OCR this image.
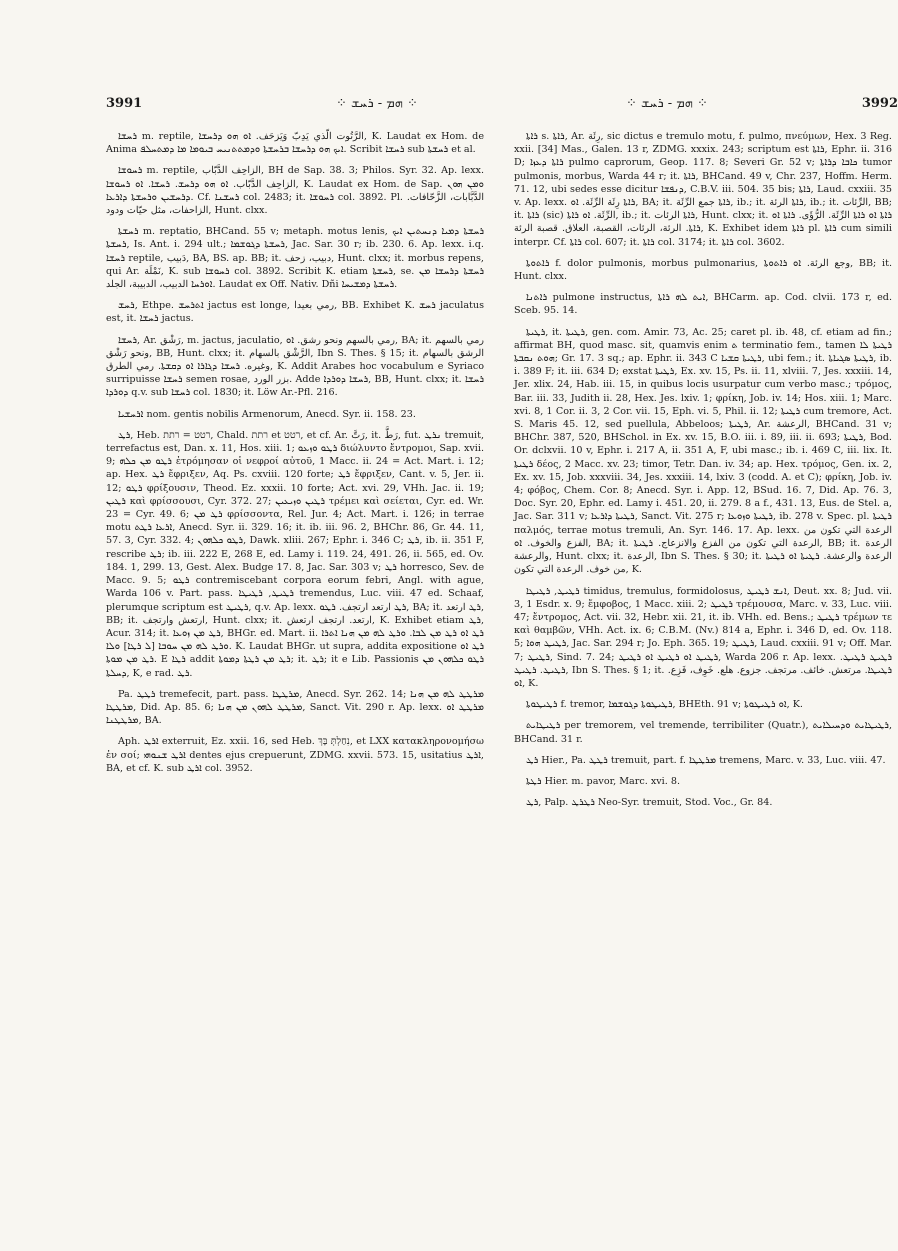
3991	⁘ ܗܡ - ܪܚܫ ⁘	⁘ ܗܡ - ܪܚܫ ⁘	3992

ܪܚܫܐ m. reptile, الرَّتُوت الّذي يَدِبّ وَيَزحَف. ܐܘ ܗܘ ܕܪܚܫܐ, K. Laudat ex Hom. de Anima ܐܝܟ ܗܘ ܕܪܚܫܐ ܒܪܚܫܬܐ ܘܕܡܬܬܢܝܚ ܒܝܘܡܐ ܡܐ ܕܡܬܚܠܦ. Scribit ܪܚܫܐ sub ܪܚܫܬܐ et al.

ܪܚܘܫܐ m. reptile, الزاحِف الدَّبّاب, BH de Sap. 38. 3; Philos. Syr. 32. Ap. lexx. الزاحِف الدَّبّاب. ܐܘ ܗܘ ܕܪܚܫ. ܪܚܫܐ. ܐܘ ܪܚܘܫܐ, K. Laudat ex Hom. de Sap. ܘܡܢ ܗܘܢ ܕܪܚܫܝܢ ܘܪܚܫܬܐ ܕܐܪܥܐ. Cf. ܪܚܫܢܐ col. 2483; it. ܪܚܘܫܐ col. 3892. Pl. الدَّبَّابات، الزَّحّافات. الزاحفات، مثل حيّات ودود, Hunt. clxx.

ܪܚܫܬܐ m. reptatio, BHCand. 55 v; metaph. motus lenis, ܪܚܫܬܐ ܕܡܝܐ ܕܢܚܬܝܢ ܐܝܟ ܪܚܫܬܐ, Is. Ant. i. 294 ult.; ܪܚܫܬܐ ܕܓܘܫܡܐ, Jac. Sar. 30 r; ib. 230. 6. Ap. lexx. i.q. ܪܚܫܐ reptile, دَبيب, BA, BS. ap. BB; it. دبيب، زحف, Hunt. clxx; it. morbus repens, qui Ar. نَمْلَة, K. sub ܪܚܘܫܐ col. 3892. Scribit K. etiam ܪܚܫܬܐ, se. ܪܚܫܬܐ ܕܪܚܫܐ ܡܢ ܐܘܪܚܐ الدبيب، الدبيبة، الجلد. Laudat ex Off. Nativ. Dñi ܪܚܫܬܐ ܕܡܫܝܚܐ.

ܪܚܫ, Ethpe. ܐܬܪܚܫ jactus est longe, رمي بعيدا, BB. Exhibet K. ܪܚܫ jaculatus est, it. ܪܚܫܐ jactus.

ܪܚܫܐ, Ar. رَشْق, m. jactus, jaculatio, رمي بالسهم ونحو رشق. ܐܘ, BA; it. رمي بالسهم ونحو رَشْق, BB, Hunt. clxx; it. الرَّشْق بالسهام, Ibn S. Thes. § 15; it. الرشق بالسهام وغيره. ܪܚܫܐ ܕܓܐܪܐ ܐܘ ܕܩܫܬܐ. رمي الطرق, K. Addit Arabes hoc vocabulum e Syriaco surripuisse ܪܚܫܐ semen rosae, بزر الورد. Adde ܪܚܫܐ ܕܘܪܕܐ, BB, Hunt. clxx; it. ܪܚܫܐ ܕܘܪܕܐ q.v. sub ܪܚܫܐ col. 1830; it. Löw Ar.-Pfl. 216.

ܐܪܚܫܝܐ nom. gentis nobilis Armenorum, Anecd. Syr. ii. 158. 23.

ܪܛ, Heb. רטט = רתת, Chald. רתת et רטט, et cf. Ar. رَتَّ, it. رَطَّ, fut. ܢܪܛ tremuit, terrefactus est, Dan. x. 11, Hos. xiii. 1; ܪܛܘ ܘܙܥܘ διώλυντο ἔντρομοι, Sap. xvii. 9; ܪܛܘ ܡܢ ܟܠܗ ἐτρόμησαν οἱ νεφροί αὐτοῦ, 1 Macc. ii. 24 = Act. Mart. i. 12; ap. Hex. ܪܛ ἔφριξεν, Aq. Ps. cxviii. 120 forte; ܪܛ ἔφριξεν, Cant. v. 5, Jer. ii. 12; ܪܛܘ φρίξουσιν, Theod. Ez. xxxii. 10 forte; Act. xvi. 29, VHh. Jac. ii. 19; ܪܛܝܢ καὶ φρίσσουσι, Cyr. 372. 27; ܪܛܝܢ ܘܙܝܥܝܢ τρέμει καὶ σείεται, Cyr. ed. Wr. 23 = Cyr. 49. 6; ܪܛ ܡܢ φρίσσοντα, Rel. Jur. 4; Act. Mart. i. 126; in terrae motu ܐܪܥܐ ܪܛܬ, Anecd. Syr. ii. 329. 16; it. ib. iii. 96. 2, BHChr. 86, Gr. 44. 11, 57. 3, Cyr. 332. 4; ܪܛܘ ܟܠܗܘܢ, Dawk. xliii. 267; Ephr. i. 346 C; ܪܛ, ib. ii. 351 F, rescribe ܪܛ; ib. iii. 222 E, 268 E, ed. Lamy i. 119. 24, 491. 26, ii. 565, ed. Ov. 184. 1, 299. 13, Gest. Alex. Budge 17. 8, Jac. Sar. 303 v; ܪܛ horresco, Sev. de Macc. 9. 5; ܪܛܘ contremiscebant corpora eorum febri, Angl. with ague, Warda 106 v. Part. pass. ܪܛܝܛ, ܪܛܝܛܐ tremendus, Luc. viii. 47 ed. Schaaf, plerumque scriptum est ܪܛܝܛ, q.v. Ap. lexx. ܪܛ ارتعد ارتجف. ܪܛܘ, BA; it. ܪܛ ارتعد, BB; it. ارتعش وارتجف, Hunt. clxx; it. ارتعد. ارتجف ارتعش, K. Exhibet etiam ܪܛ, Acur. 314; it. ܪܛ ܡܢ ܙܘܥܐ, BHGr. ed. Mart. ii. ܪܛ ܐܘ ܪܛ ܡܢ ܠܒܐ. ܘܪܛ ܠܗ ܡܢ ܗܢܐ ܐܬܪܐ ܘܪܛ ܠܗ ܡܢ ܚܘܒܐ [ܠ ܪܛܐ] ܘܠܐ. K. Laudat BHGr. ut supra, addita expositione ܪܛ ܐܘ ܪܛ ܡܢ ܡܘܬܐ. E ܪܛܐ addit ܪܛ ܡܢ ܪܛܬܐ ܕܡܘܬܐ; it. ܪܛ; it e Lib. Passionis ܪܛܘ ܟܠܗܘܢ ܡܢ ܕܚܠܬܐ, K, e rad. ܪܛ.

Pa. ܪܛܛ tremefecit, part. pass. ܡܪܛܛܐ, Anecd. Syr. 262. 14; ܡܪܛܛ ܠܗ ܡܢ ܗܢܐ ܡܪܛܛܐ, Did. Ap. 85. 6; ܡܪܛܛ ܠܗܘܢ ܡܢ ܗܢܐ, Sanct. Vit. 290 r. Ap. lexx. ܡܪܛܛ ܐܘ ܡܪܛܛܢܐ, BA.

Aph. ܐܪܛ exterruit, Ez. xxii. 16, sed Heb. נִחַלְתְּ בָּךְ, et LXX κατακληρονομήσω ἐν σοί; ܐܪܛ ܫܢܘܗܝ dentes ejus crepuerunt, ZDMG. xxvii. 573. 15, usitatius ܐܪܛ, BA, et cf. K. sub ܐܪܛ col. 3952.

ܪܐܬܐ s. ܪܐܬܐ, Ar. رِئَة, sic dictus e tremulo motu, f. pulmo, πνεύμων, Hex. 3 Reg. xxii. [34] Mas., Galen. 13 r, ZDMG. xxxix. 243; scriptum est ܪܐܬܐ, Ephr. ii. 316 D; ܪܐܬܐ ܕܥܙܐ pulmo caprorum, Geop. 117. 8; Severi Gr. 52 v; ܟܐܒܐ ܕܪܐܬܐ tumor pulmonis, morbus, Warda 44 r; it. ܪܐܬܐ, BHCand. 49 v, Chr. 237, Hoffm. Herm. 71. 12, ubi sedes esse dicitur ܕܢܦܫܐ, C.B.V. iii. 504. 35 bis; ܪܐܬܐ, Laud. cxxiii. 35 v. Ap. lexx. ܪܐܬܐ رِئَة الرِّئَة. ܐܘ, BA; it. ܪܐܬܐ جمع الرِّئَة, ib.; it. ܪܐܬܐ الرئة, ib.; it. الرِّئات, BB; it. ܪܐܬܐ (sic) الرِّئَة. ܐܘ ܪܐܬܐ, ib.; it. ܪܐܬܐ الرئات, Hunt. clxx; it. ܪܐܬܐ ܐܘ ܪܐܬܐ الرِّئَة. الرُّؤَى. ܪܐܬܐ ܐܘ ܪܐܬܐ. الرئة، الرئات، القصبة، العلاق. قصبة الرئة, K. Exhibet idem ܪܐܬܐ pl. ܪܐܬܐ cum simili interpr. Cf. ܪܐܬܐ col. 607; it. ܪܐܬܐ col. 3174; it. ܪܐܬܐ col. 3602.

ܪܐܬܘܬܐ f. dolor pulmonis, morbus pulmonarius, وجع الرئة. ܐܘ ܪܐܬܘܬܐ, BB; it. Hunt. clxx.

ܪܐܬܢܐ pulmone instructus, ܐܝܬ ܠܗ ܪܐܬܐ, BHCarm. ap. Cod. clvii. 173 r, ed. Sceb. 95. 14.

ܪܛܝܬܐ, it. ܪܛܝܬܐ, gen. com. Amir. 73, Ac. 25; caret pl. ib. 48, cf. etiam ad fin.; affirmat BH, quod masc. sit, quamvis enim ܬ terminatio fem., tamen ܪܛܝܬܐ ܠܐ ܗܘܬ ܢܩܒܬܐ; Gr. 17. 3 sq.; ap. Ephr. ii. 343 C ܪܛܝܬܐ ܩܫܝܐ, ubi fem.; it. ܪܛܝܬܐ ܣܓܝܐܬܐ, ib. i. 389 F; it. iii. 634 D; exstat ܪܛܝܬܐ, Ex. xv. 15, Ps. ii. 11, xlviii. 7, Jes. xxxiii. 14, Jer. xlix. 24, Hab. iii. 15, in quibus locis usurpatur cum verbo masc.; τρόμος, Bar. iii. 33, Judith ii. 28, Hex. Jes. lxiv. 1; φρίκη, Job. iv. 14; Hos. xiii. 1; Marc. xvi. 8, 1 Cor. ii. 3, 2 Cor. vii. 15, Eph. vi. 5, Phil. ii. 12; ܪܛܝܬܐ cum tremore, Act. S. Maris 45. 12, sed puellula, Abbeloos; ܪܛܝܬܐ, Ar. الرعشة, BHCand. 31 v; BHChr. 387, 520, BHSchol. in Ex. xv. 15, B.O. iii. i. 89, iii. ii. 693; ܪܛܝܬܐ, Bod. Or. dclxvii. 10 v, Ephr. i. 217 A, ii. 351 A, F, ubi masc.; ib. i. 469 C, iii. lix. It. ܪܛܝܬܐ δέος, 2 Macc. xv. 23; timor, Tetr. Dan. iv. 34; ap. Hex. τρόμος, Gen. ix. 2, Ex. xv. 15, Job. xxxviii. 34, Jes. xxxiii. 14, lxiv. 3 (codd. A. et C); φρίκη, Job. iv. 4; φόβος, Chem. Cor. 8; Anecd. Syr. i. App. 12, BSud. 16. 7, Did. Ap. 76. 3, Doc. Syr. 20, Ephr. ed. Lamy i. 451. 20, ii. 279. 8 a f., 431. 13, Eus. de Stel. a, Jac. Sar. 311 v; ܪܛܝܬܐ ܕܐܪܥܐ, Sanct. Vit. 275 r; ܪܛܝܬܐ ܘܙܘܥܐ, ib. 278 v. Spec. pl. ܪܛܝܬܐ παλμός, terrae motus tremuli, An. Syr. 146. 17. Ap. lexx. الرعدة التي تكون من الفزع والخوف. ܐܘ, BA; it. الرعدة التي تكون من الفزع والانزعاج. ܪܛܝܬܐ, BB; it. الرعدة والرعشة, Hunt. clxx; it. الرعدة, Ibn S. Thes. § 30; it. الرعدة والرعشة. ܪܛܝܬܐ ܐܘ ܪܛܝܬܐ من خوف. الرعدة التي تكون, K.

ܪܛܝܛ, ܪܛܝܛܐ timidus, tremulus, formidolosus, ܐܢܫ ܪܛܝܛ, Deut. xx. 8; Jud. vii. 3, 1 Esdr. x. 9; ἔμφοβος, 1 Macc. xiii. 2; ܪܛܝܛ τρέμουσα, Marc. v. 33, Luc. viii. 47; ἔντρομος, Act. vii. 32, Hebr. xii. 21, it. ib. VHh. ed. Bens.; ܪܛܝܛ τρέμων τε καὶ θαμβῶν, VHh. Act. ix. 6; C.B.M. (Nv.) 814 a, Ephr. i. 346 D, ed. Ov. 118. 5; ܪܛܝܛ ܗܘܐ, Jac. Sar. 294 r; Jo. Eph. 365. 19; ܪܛܝܛ, Laud. cxxiii. 91 v; Off. Mar. 7; ܪܛܝܛ, Sind. 7. 24; ܪܛܝܛ ܐܘ ܪܛܝܛ ܐܘ ܪܛܝܛ, Warda 206 r. Ap. lexx. ܪܛܝܛ ܪܛܝܛ. ܪܛܝܛ. ܪܛܝܛ, Ibn S. Thes. § 1; it. ܪܛܝܛܐ. مرتعش. خائف. مرتجف. جزوع. هلع. خَوِف، فَزِع. ܐܘ, K.

ܪܛܝܛܘܬܐ f. tremor, ܪܛܝܛܘܬܐ ܕܓܘܫܡܐ, BHEth. 91 v; ܐܘ ܪܛܝܛܘܬܐ, K.

ܪܛܝܛܐܝܬ per tremorem, vel tremende, terribiliter (Quatr.), ܪܛܝܛܐܝܬ ܘܕܚܝܠܐܝܬ, BHCand. 31 r.

ܪܛ Hier., Pa. ܪܛܛ tremuit, part. f. ܡܪܛܛܐ tremens, Marc. v. 33, Luc. viii. 47.

ܪܛܬܐ Hier. m. pavor, Marc. xvi. 8.

ܪܛ, Palp. ܪܛܪܛ Neo-Syr. tremuit, Stod. Voc., Gr. 84.
